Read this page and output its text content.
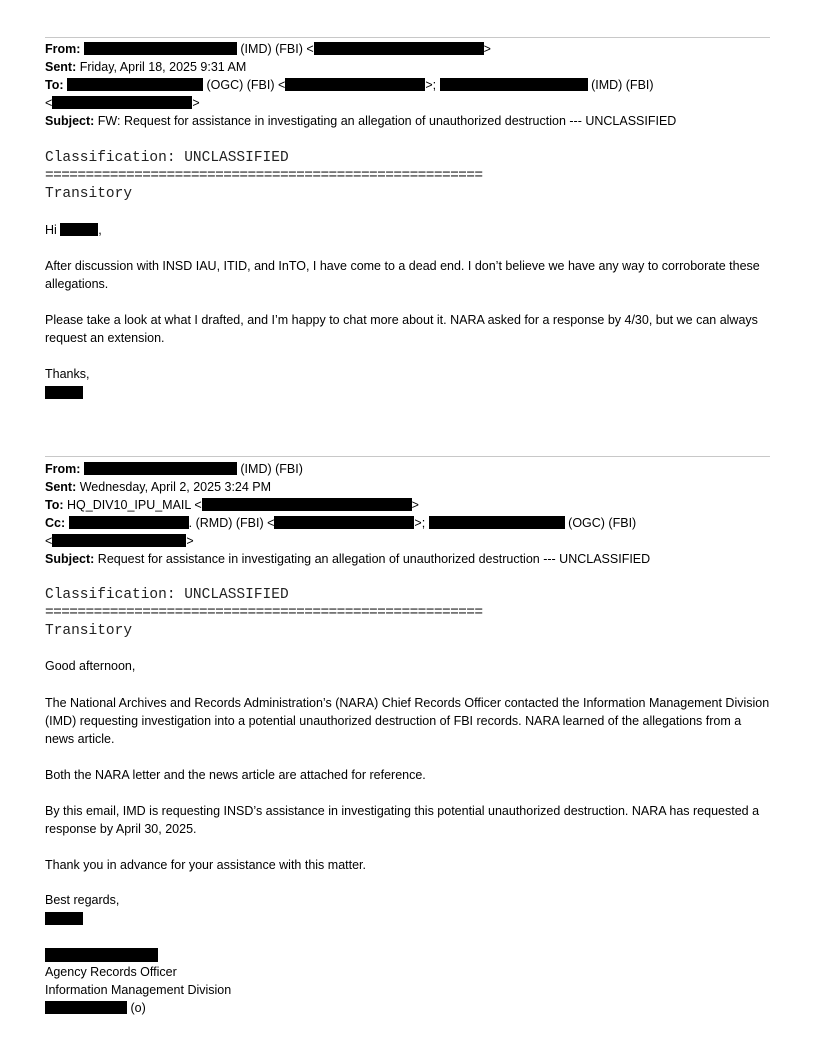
From:	(IMD) (FBI) <	>
Sent: Friday, April 18, 2025 9:31 AM
To:	(OGC) (FBI) <	>;	(IMD) (FBI)
<	>
Subject: FW: Request for assistance in investigating an allegation of unauthorized destruction --- UNCLASSIFIED
Classification: UNCLASSIFIED
======================================================
Transitory
Hi	,
After discussion with INSD IAU, ITID, and InTO, I have come to a dead end. I don’t believe we have any way to corroborate these allegations.
Please take a look at what I drafted, and I’m happy to chat more about it. NARA asked for a response by 4/30, but we can always request an extension.
Thanks,
From:	(IMD) (FBI)
Sent: Wednesday, April 2, 2025 3:24 PM
To: HQ_DIV10_IPU_MAIL <	>
Cc:	. (RMD) (FBI) <	>;	(OGC) (FBI)
<	>
Subject: Request for assistance in investigating an allegation of unauthorized destruction --- UNCLASSIFIED
Classification: UNCLASSIFIED
======================================================
Transitory
Good afternoon,
The National Archives and Records Administration’s (NARA) Chief Records Officer contacted the Information Management Division (IMD) requesting investigation into a potential unauthorized destruction of FBI records. NARA learned of the allegations from a news article.
Both the NARA letter and the news article are attached for reference.
By this email, IMD is requesting INSD’s assistance in investigating this potential unauthorized destruction. NARA has requested a response by April 30, 2025.
Thank you in advance for your assistance with this matter.
Best regards,
Agency Records Officer
Information Management Division
(o)
